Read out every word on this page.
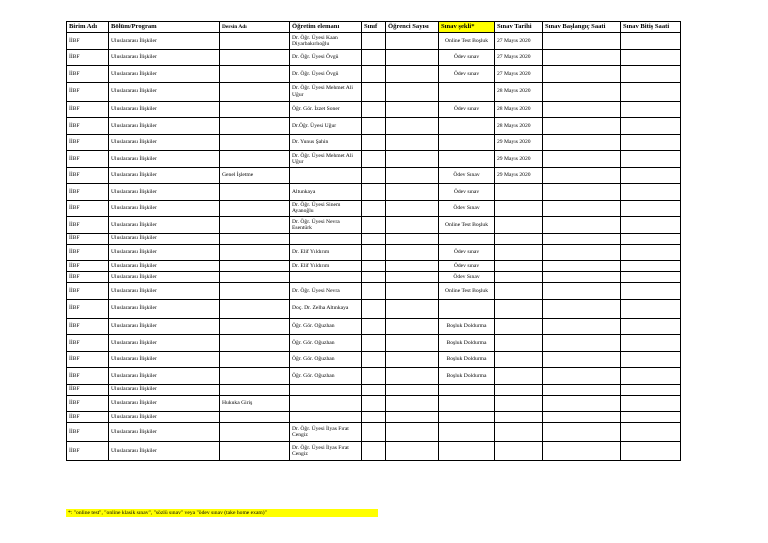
Birim Adı	Bölüm/Program	Dersin Adı	Öğretim elemanı	Sınıf	Öğrenci Sayısı	Sınav şekli*	Sınav Tarihi	Sınav Başlangıç Saati	Sınav Bitiş Saati
İİBF	Uluslararası İlişkiler		Dr. Öğr. Üyesi Kaan Diyarbakırlıoğlu			Online Test Boşluk	27 Mayıs 2020		
İİBF	Uluslararası İlişkiler		Dr. Öğr. Üyesi Övgü			Ödev sınav	27 Mayıs 2020		
İİBF	Uluslararası İlişkiler		Dr. Öğr. Üyesi Övgü			Ödev sınav	27 Mayıs 2020		
İİBF	Uluslararası İlişkiler		Dr. Öğr. Üyesi Mehmet Ali Uğur				28 Mayıs 2020		
İİBF	Uluslararası İlişkiler		Öğr. Gör. İzzet Soner			Ödev sınav	28 Mayıs 2020		
İİBF	Uluslararası İlişkiler		Dr.Öğr. Üyesi Uğur				28 Mayıs 2020		
İİBF	Uluslararası İlişkiler		Dr. Yunus Şahin				29 Mayıs 2020		
İİBF	Uluslararası İlişkiler		Dr. Öğr. Üyesi Mehmet Ali Uğur				29 Mayıs 2020		
İİBF	Uluslararası İlişkiler	Genel İşletme				Ödev Sınav	29 Mayıs 2020		
İİBF	Uluslararası İlişkiler		Altunkaya			Ödev sınav			
İİBF	Uluslararası İlişkiler		Dr. Öğr. Üyesi Sinem Ayanoğlu			Ödev Sınav			
İİBF	Uluslararası İlişkiler		Dr. Öğr. Üyesi Nevra Esentürk			Online Test Boşluk			
İİBF	Uluslararası İlişkiler								
İİBF	Uluslararası İlişkiler		Dr. Elif Yıldırım			Ödev sınav			
İİBF	Uluslararası İlişkiler		Dr. Elif Yıldırım			Ödev sınav			
İİBF	Uluslararası İlişkiler					Ödev Sınav			
İİBF	Uluslararası İlişkiler		Dr. Öğr. Üyesi Nevra			Online Test Boşluk			
İİBF	Uluslararası İlişkiler		Doç. Dr. Zelha Altınkaya						
İİBF	Uluslararası İlişkiler		Öğr. Gör. Oğuzhan			Boşluk Doldurma			
İİBF	Uluslararası İlişkiler		Öğr. Gör. Oğuzhan			Boşluk Doldurma			
İİBF	Uluslararası İlişkiler		Öğr. Gör. Oğuzhan			Boşluk Doldurma			
İİBF	Uluslararası İlişkiler		Öğr. Gör. Oğuzhan			Boşluk Doldurma			
İİBF	Uluslararası İlişkiler								
İİBF	Uluslararası İlişkiler	Hukuka Giriş							
İİBF	Uluslararası İlişkiler								
İİBF	Uluslararası İlişkiler		Dr. Öğr. Üyesi İlyas Fırat Cengiz						
İİBF	Uluslararası İlişkiler		Dr. Öğr. Üyesi İlyas Fırat Cengiz						
*: "online test", "online klasik sınav", "sözlü sınav" veya "ödev sınav (take home exam)"
